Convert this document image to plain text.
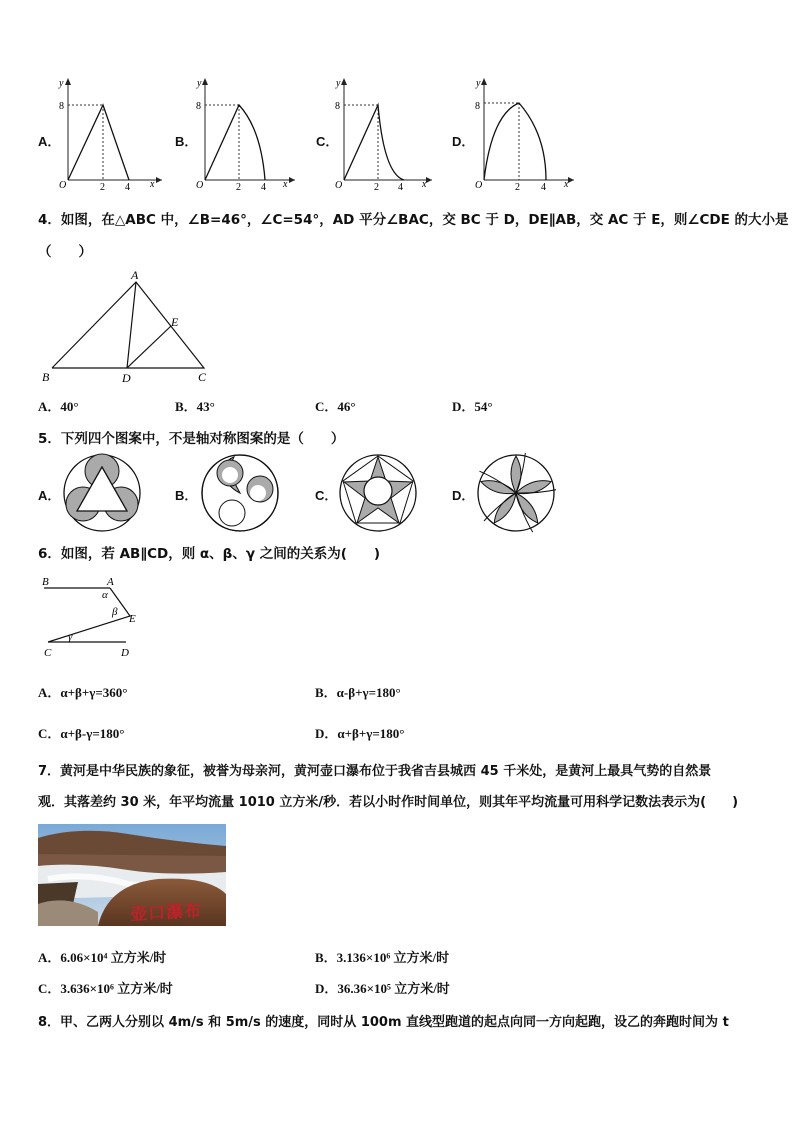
A．	B．	C．	D．
y
x
O
8
2 4
y
x
O
8
2 4
y
x
O
8
2 4
y
x
O
8
2 4
4．如图，在△ABC 中，∠B=46°，∠C=54°，AD 平分∠BAC，交 BC 于 D，DE∥AB，交 AC 于 E，则∠CDE 的大小是
（　　）
A
B	D	C
E
A．40°	B．43°	C．46°	D．54°
5．下列四个图案中，不是轴对称图案的是（　　）
A．	B．	C．	D．
6．如图，若 AB∥CD，则 α、β、γ 之间的关系为(　　)
B	A
α
β
E
γ
C	D
A．α+β+γ=360°	B．α-β+γ=180°
C．α+β-γ=180°	D．α+β+γ=180°
7．黄河是中华民族的象征，被誉为母亲河，黄河壶口瀑布位于我省吉县城西 45 千米处，是黄河上最具气势的自然景
观．其落差约 30 米，年平均流量 1010 立方米/秒．若以小时作时间单位，则其年平均流量可用科学记数法表示为(　　)
壶口瀑布
A．6.06×10⁴ 立方米/时	B．3.136×10⁶ 立方米/时
C．3.636×10⁶ 立方米/时	D．36.36×10⁵ 立方米/时
8．甲、乙两人分别以 4m/s 和 5m/s 的速度，同时从 100m 直线型跑道的起点向同一方向起跑，设乙的奔跑时间为 t
